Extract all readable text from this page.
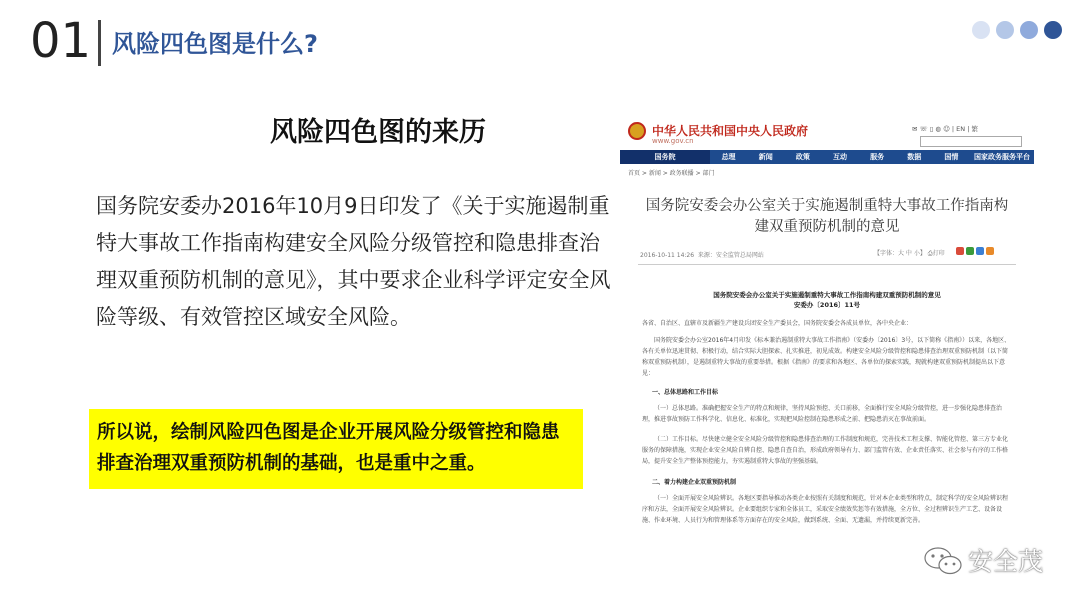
01 风险四色图是什么?
风险四色图的来历
国务院安委办2016年10月9日印发了《关于实施遏制重特大事故工作指南构建安全风险分级管控和隐患排查治理双重预防机制的意见》，其中要求企业科学评定安全风险等级、有效管控区域安全风险。
所以说，绘制风险四色图是企业开展风险分级管控和隐患排查治理双重预防机制的基础，也是重中之重。
中华人民共和国中央人民政府
www.gov.cn
✉ ☏ ▯ ◍ ☺ | EN | 繁
国务院	总理	新闻	政策	互动	服务	数据	国情	国家政务服务平台
首页 > 新闻 > 政务联播 > 部门
国务院安委会办公室关于实施遏制重特大事故工作指南构建双重预防机制的意见
2016-10-11 14:26 来源：安全监管总局网站	【字体：大 中 小】 ⎙打印
国务院安委会办公室关于实施遏制重特大事故工作指南构建双重预防机制的意见
安委办〔2016〕11号
各省、自治区、直辖市及新疆生产建设兵团安全生产委员会，国务院安委会各成员单位，各中央企业：
国务院安委会办公室2016年4月印发《标本兼治遏制重特大事故工作指南》（安委办〔2016〕3号，以下简称《指南》）以来，各地区、各有关单位迅速贯彻、积极行动，结合实际大胆探索、扎实推进，初见成效。构建安全风险分级管控和隐患排查治理双重预防机制（以下简称双重预防机制），是遏制重特大事故的重要举措。根据《指南》的要求和各地区、各单位的探索实践，现就构建双重预防机制提出以下意见：
一、总体思路和工作目标
（一）总体思路。准确把握安全生产的特点和规律，坚持风险预控、关口前移，全面推行安全风险分级管控，进一步强化隐患排查治理，推进事故预防工作科学化、信息化、标准化，实现把风险控制在隐患形成之前、把隐患消灭在事故前面。
（二）工作目标。尽快建立健全安全风险分级管控和隐患排查治理的工作制度和规范，完善技术工程支撑、智能化管控、第三方专业化服务的保障措施，实现企业安全风险自辨自控、隐患自查自治，形成政府领导有力、部门监管有效、企业责任落实、社会参与有序的工作格局，提升安全生产整体预控能力，夯实遏制重特大事故的坚强基础。
二、着力构建企业双重预防机制
（一）全面开展安全风险辨识。各地区要指导推动各类企业按照有关制度和规范，针对本企业类型和特点，制定科学的安全风险辨识程序和方法，全面开展安全风险辨识。企业要组织专家和全体员工，采取安全绩效奖惩等有效措施，全方位、全过程辨识生产工艺、设备设施、作业环境、人员行为和管理体系等方面存在的安全风险，做到系统、全面、无遗漏，并持续更新完善。
安全茂
